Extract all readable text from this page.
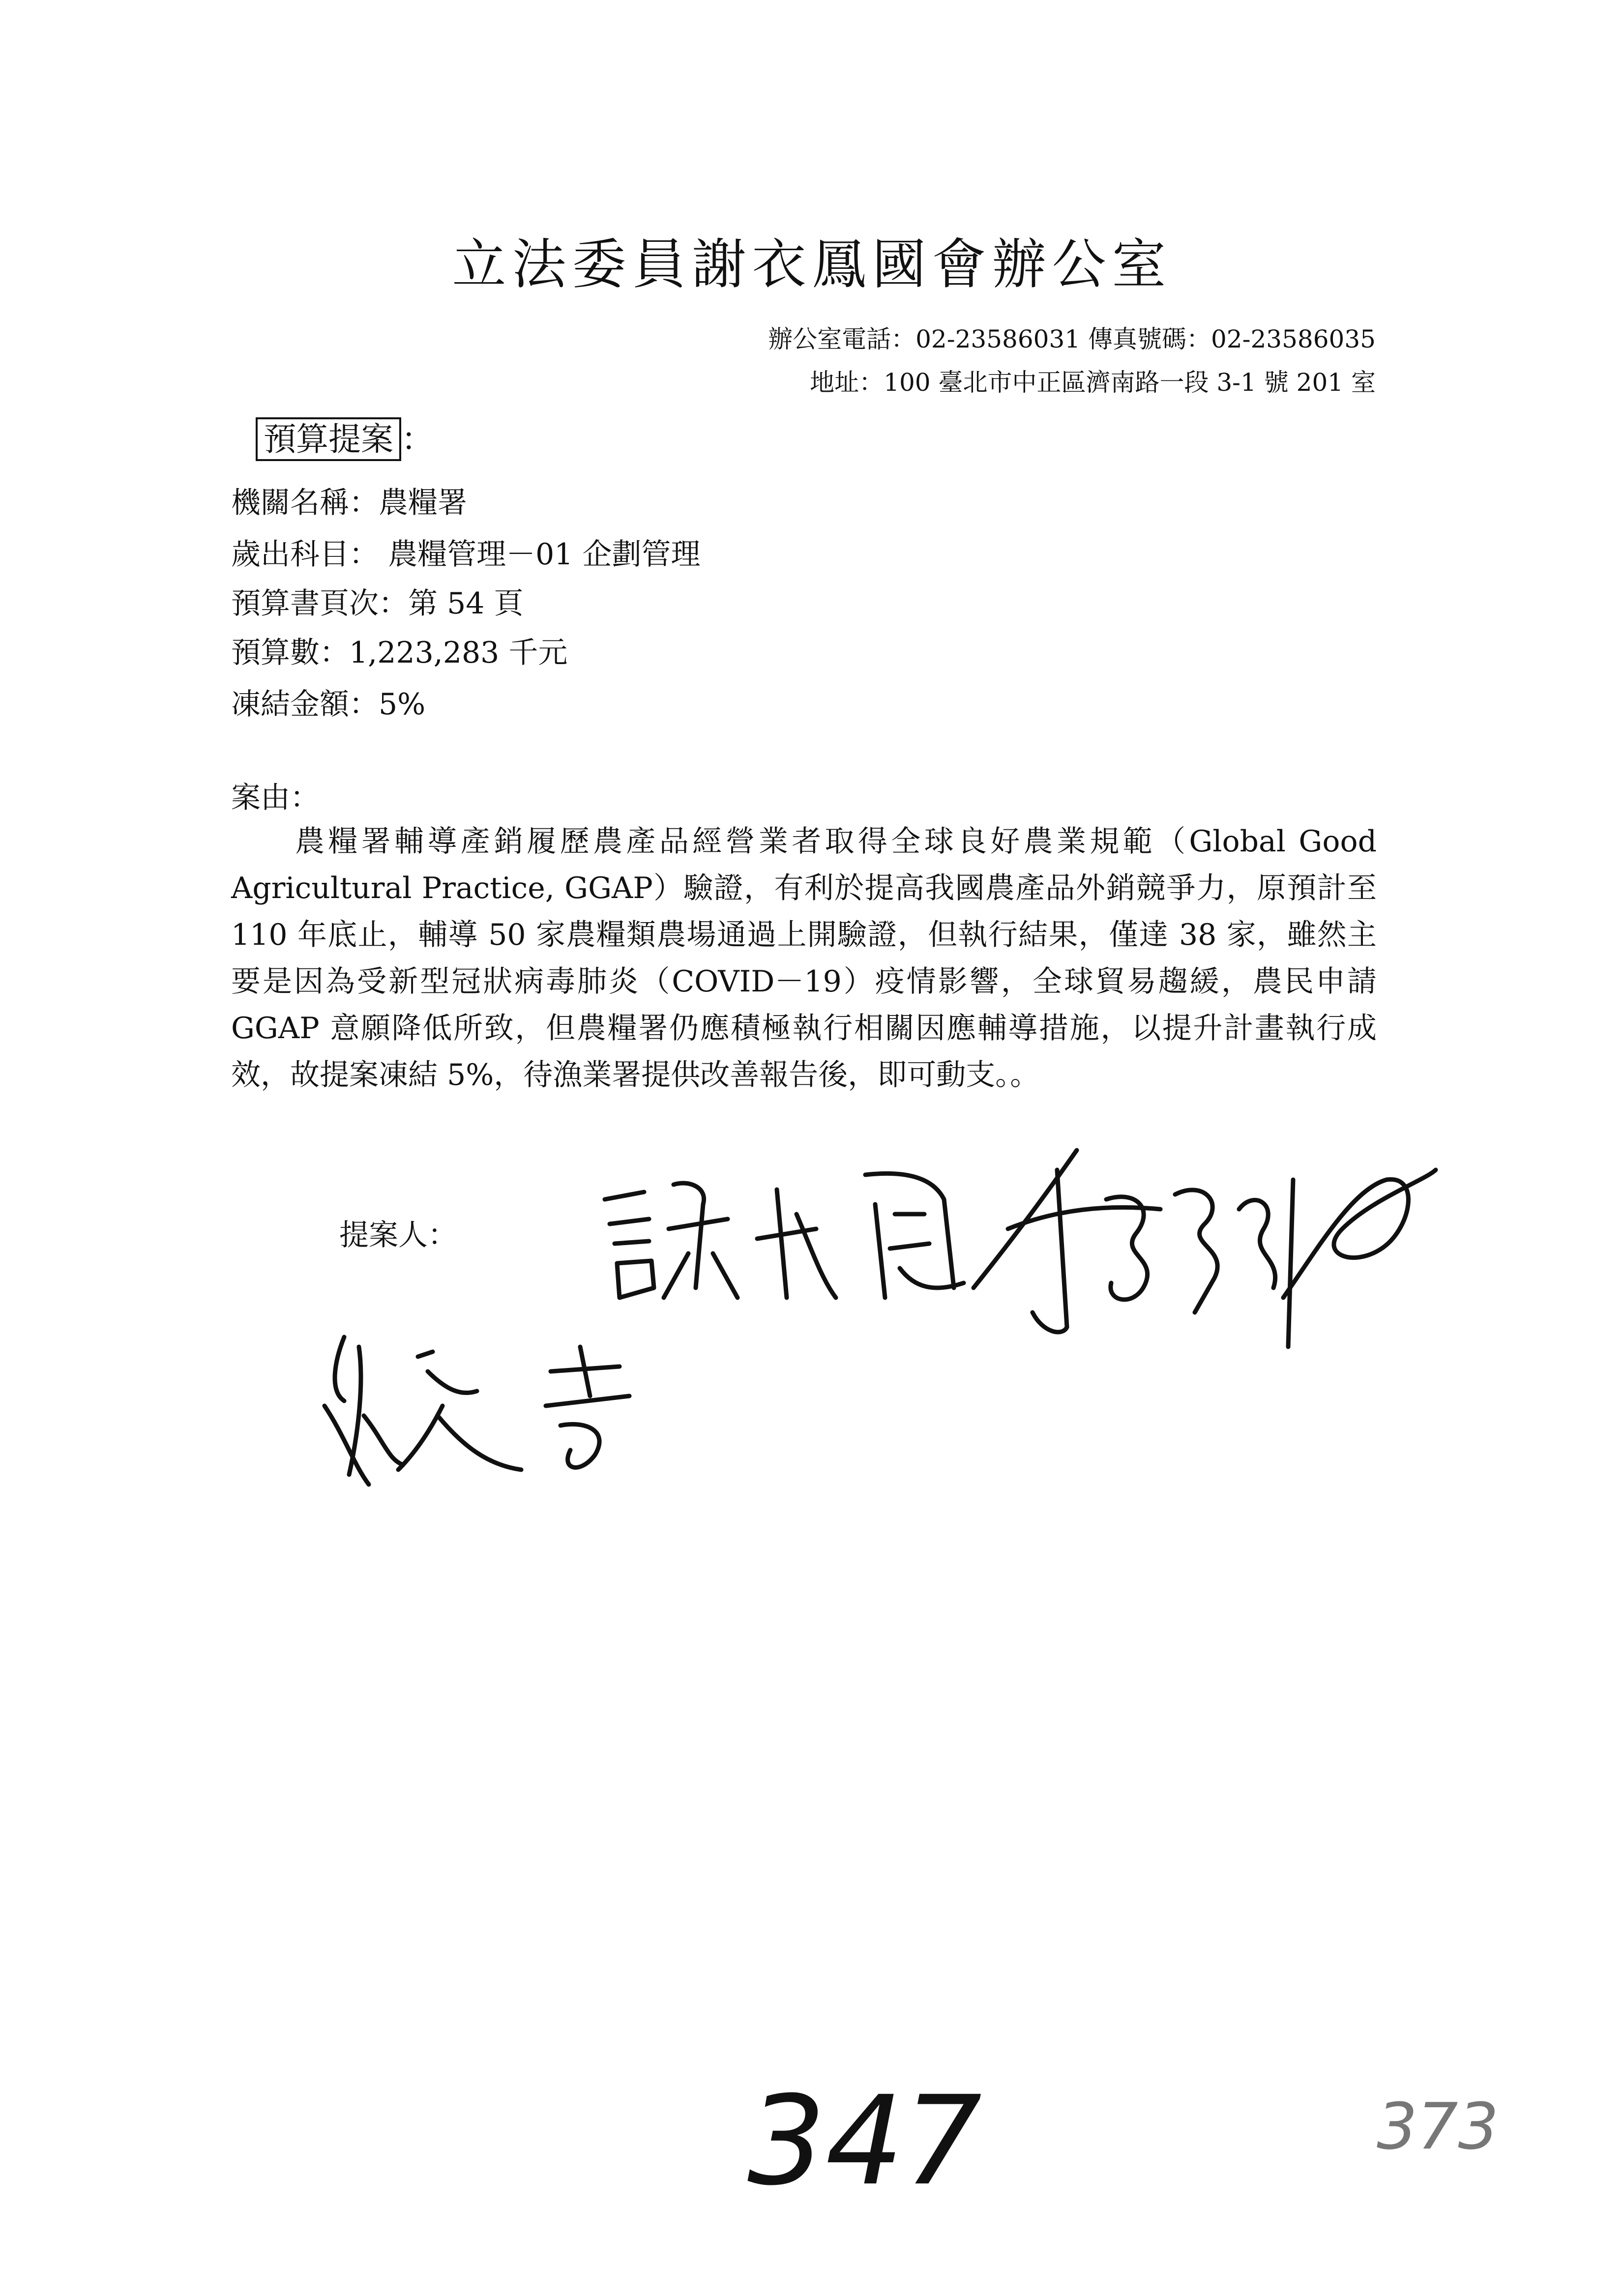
立法委員謝衣鳳國會辦公室
辦公室電話：02-23586031 傳真號碼：02-23586035
地址：100 臺北市中正區濟南路一段 3-1 號 201 室
預算提案 ：
機關名稱：農糧署
歲出科目： 農糧管理－01 企劃管理
預算書頁次：第 54 頁
預算數：1,223,283 千元
凍結金額：5%
案由：
農糧署輔導產銷履歷農產品經營業者取得全球良好農業規範（Global Good Agricultural Practice, GGAP）驗證，有利於提高我國農產品外銷競爭力，原預計至 110 年底止，輔導 50 家農糧類農場通過上開驗證，但執行結果，僅達 38 家，雖然主要是因為受新型冠狀病毒肺炎（COVID－19）疫情影響，全球貿易趨緩，農民申請 GGAP 意願降低所致，但農糧署仍應積極執行相關因應輔導措施，以提升計畫執行成效，故提案凍結 5%，待漁業署提供改善報告後，即可動支。。
提案人：
347	373
